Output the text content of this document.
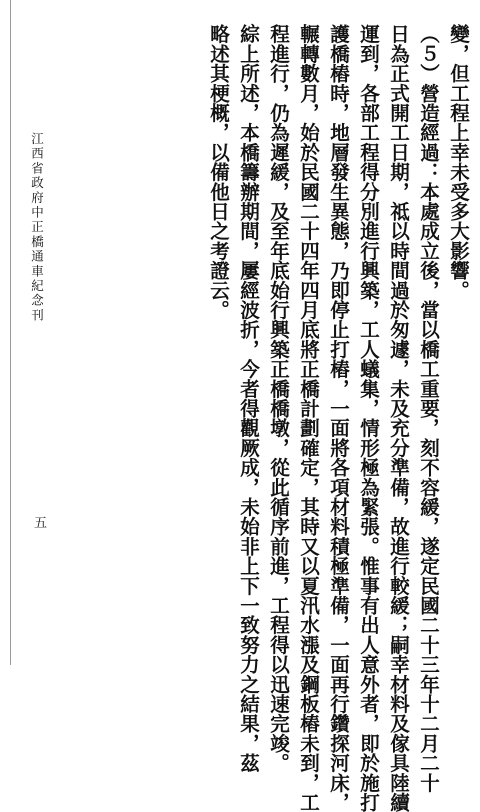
變，但工程上幸未受多大影響。
（５）營造經過：本處成立後，當以橋工重要，刻不容緩，遂定民國二十三年十二月二十
日為正式開工日期，祗以時間過於匆遽，未及充分準備，故進行較緩；嗣幸材料及傢具陸續
運到，各部工程得分別進行興築，工人蟻集，情形極為緊張。惟事有出人意外者，即於施打
護橋樁時，地層發生異態，乃即停止打樁，一面將各項材料積極準備，一面再行鑽探河床，
輾轉數月，始於民國二十四年四月底將正橋計劃確定，其時又以夏汛水漲及鋼板樁未到，工
程進行，仍為遲緩，及至年底始行興築正橋橋墩，從此循序前進，工程得以迅速完竣。
綜上所述，本橋籌辦期間，屢經波折，今者得觀厥成，未始非上下一致努力之結果，茲
略述其梗概，以備他日之考證云。
江西省政府中正橋通車紀念刊
五
